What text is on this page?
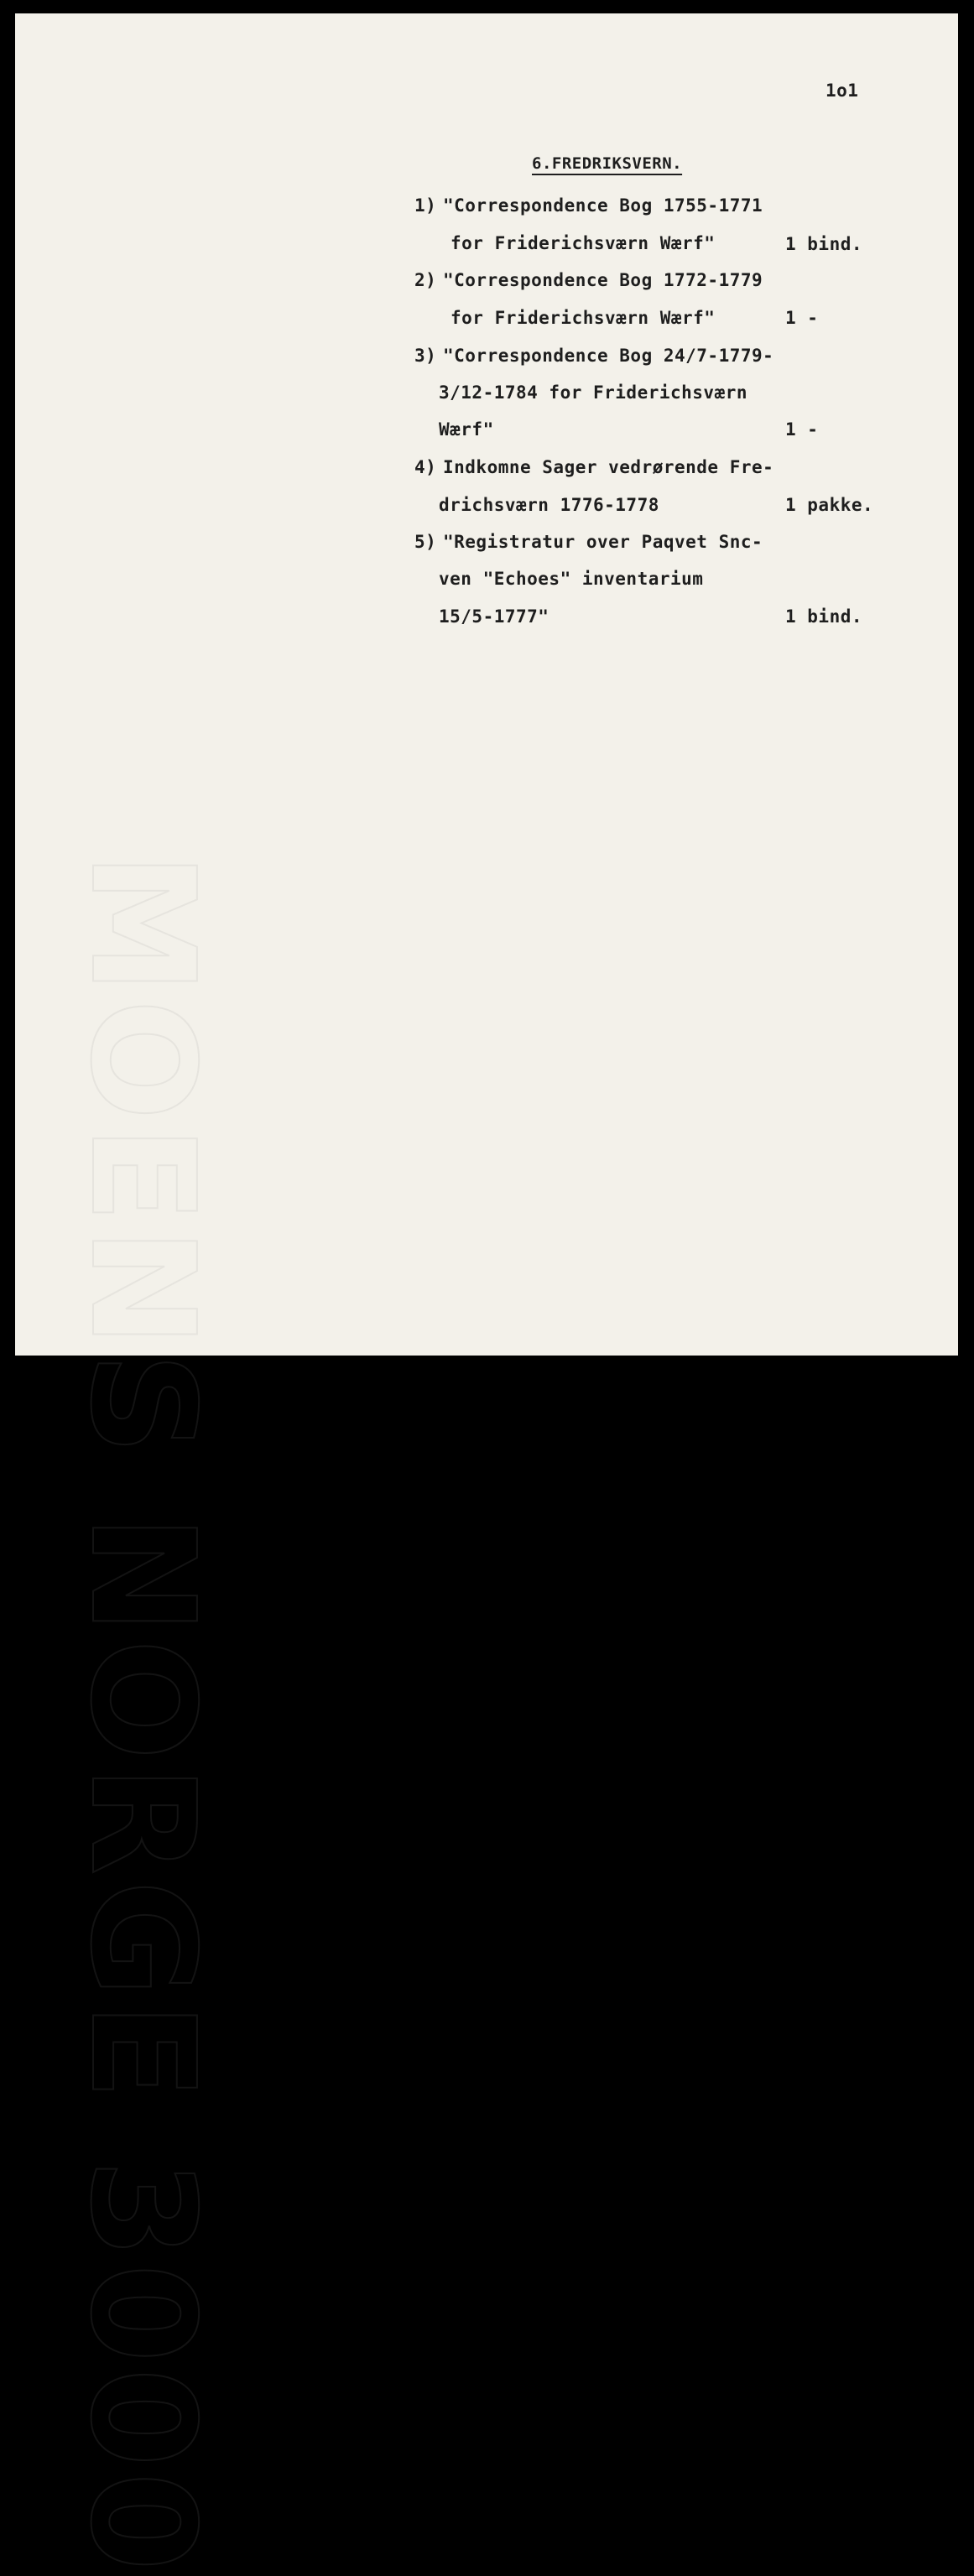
MOENS NORGE 3000
1o1
6.FREDRIKSVERN.
1) "Correspondence Bog 1755-1771
for Friderichsværn Wærf"	1 bind.
2) "Correspondence Bog 1772-1779
for Friderichsværn Wærf"	1 -
3) "Correspondence Bog 24/7-1779-
3/12-1784 for Friderichsværn
Wærf"	1 -
4) Indkomne Sager vedrørende Fre-
drichsværn 1776-1778	1 pakke.
5) "Registratur over Paqvet Snc-
ven "Echoes" inventarium
15/5-1777"	1 bind.
